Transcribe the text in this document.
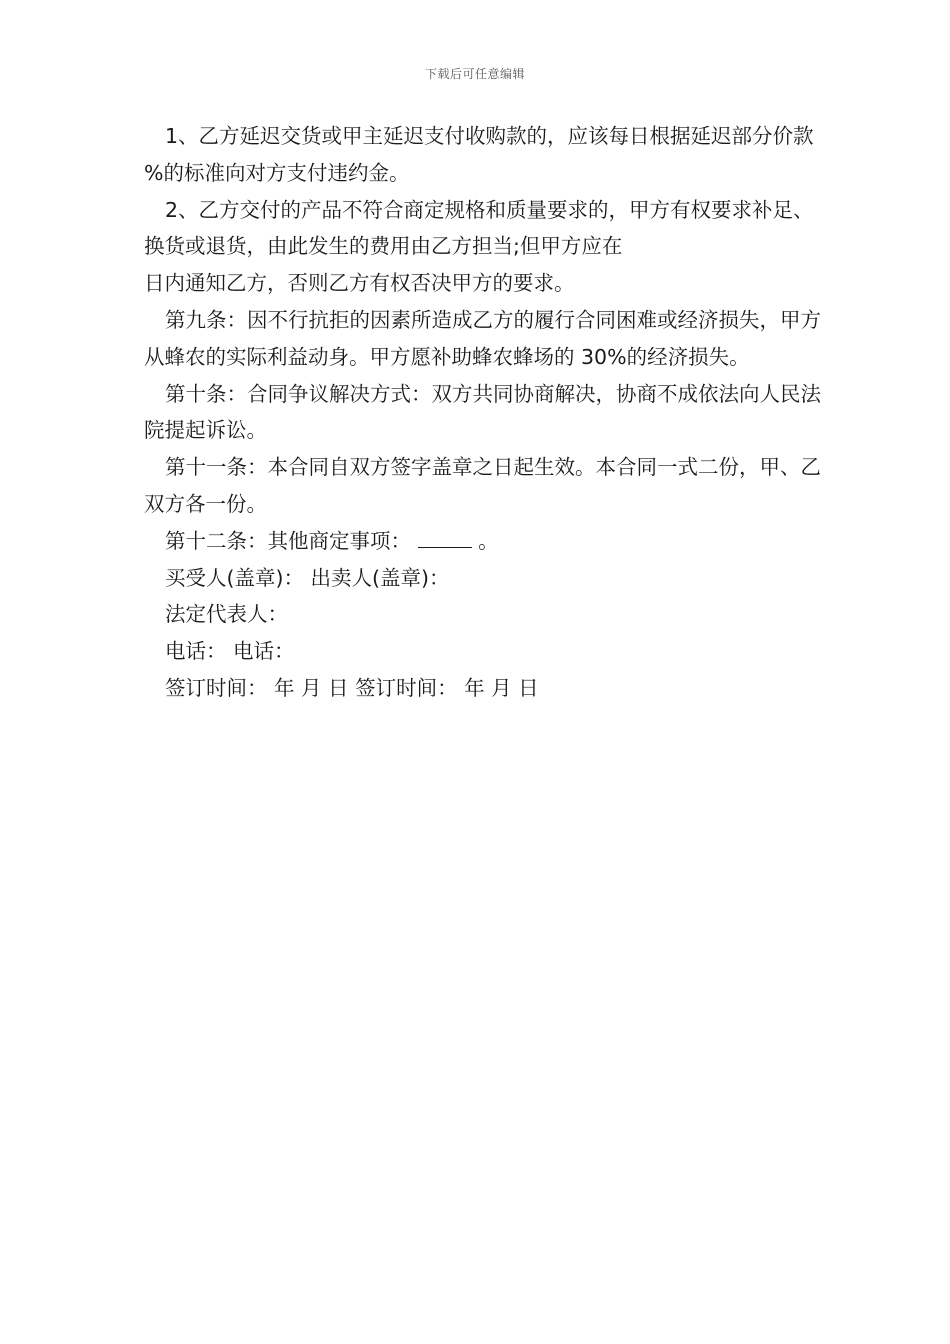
下载后可任意编辑

1、乙方延迟交货或甲主延迟支付收购款的，应该每日根据延迟部分价款 %的标准向对方支付违约金。

2、乙方交付的产品不符合商定规格和质量要求的，甲方有权要求补足、换货或退货，由此发生的费用由乙方担当;但甲方应在

日内通知乙方，否则乙方有权否决甲方的要求。

第九条：因不行抗拒的因素所造成乙方的履行合同困难或经济损失，甲方从蜂农的实际利益动身。甲方愿补助蜂农蜂场的 30%的经济损失。

第十条：合同争议解决方式：双方共同协商解决，协商不成依法向人民法院提起诉讼。

第十一条：本合同自双方签字盖章之日起生效。本合同一式二份，甲、乙双方各一份。

第十二条：其他商定事项：	。

买受人(盖章)： 出卖人(盖章)：

法定代表人：

电话： 电话：

签订时间： 年 月 日 签订时间： 年 月 日
